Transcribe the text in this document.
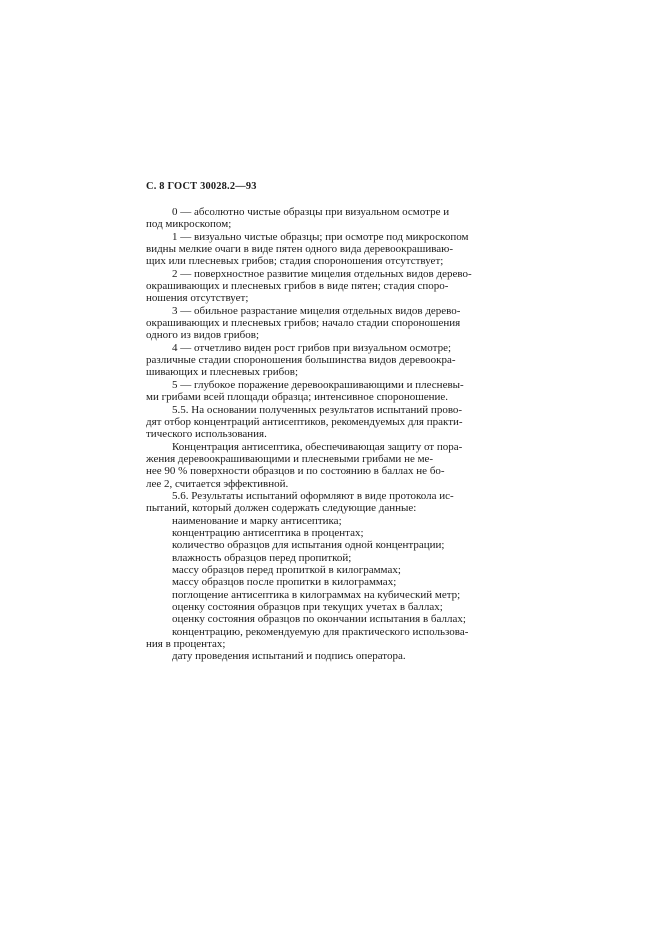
С. 8 ГОСТ 30028.2—93
0 — абсолютно чистые образцы при визуальном осмотре и
под микроскопом;
1 — визуально чистые образцы; при осмотре под микроскопом
видны мелкие очаги в виде пятен одного вида деревоокрашиваю-
щих или плесневых грибов; стадия спороношения отсутствует;
2 — поверхностное развитие мицелия отдельных видов дерево-
окрашивающих и плесневых грибов в виде пятен; стадия споро-
ношения отсутствует;
3 — обильное разрастание мицелия отдельных видов дерево-
окрашивающих и плесневых грибов; начало стадии спороношения
одного из видов грибов;
4 — отчетливо виден рост грибов при визуальном осмотре;
различные стадии спороношения большинства видов деревоокра-
шивающих и плесневых грибов;
5 — глубокое поражение деревоокрашивающими и плесневы-
ми грибами всей площади образца; интенсивное спороношение.
5.5. На основании полученных результатов испытаний прово-
дят отбор концентраций антисептиков, рекомендуемых для практи-
тического использования.
Концентрация антисептика, обеспечивающая защиту от пора-
жения деревоокрашивающими и плесневыми грибами не ме-
нее 90 % поверхности образцов и по состоянию в баллах не бо-
лее 2, считается эффективной.
5.6. Результаты испытаний оформляют в виде протокола ис-
пытаний, который должен содержать следующие данные:
наименование и марку антисептика;
концентрацию антисептика в процентах;
количество образцов для испытания одной концентрации;
влажность образцов перед пропиткой;
массу образцов перед пропиткой в килограммах;
массу образцов после пропитки в килограммах;
поглощение антисептика в килограммах на кубический метр;
оценку состояния образцов при текущих учетах в баллах;
оценку состояния образцов по окончании испытания в баллах;
концентрацию, рекомендуемую для практического использова-
ния в процентах;
дату проведения испытаний и подпись оператора.
